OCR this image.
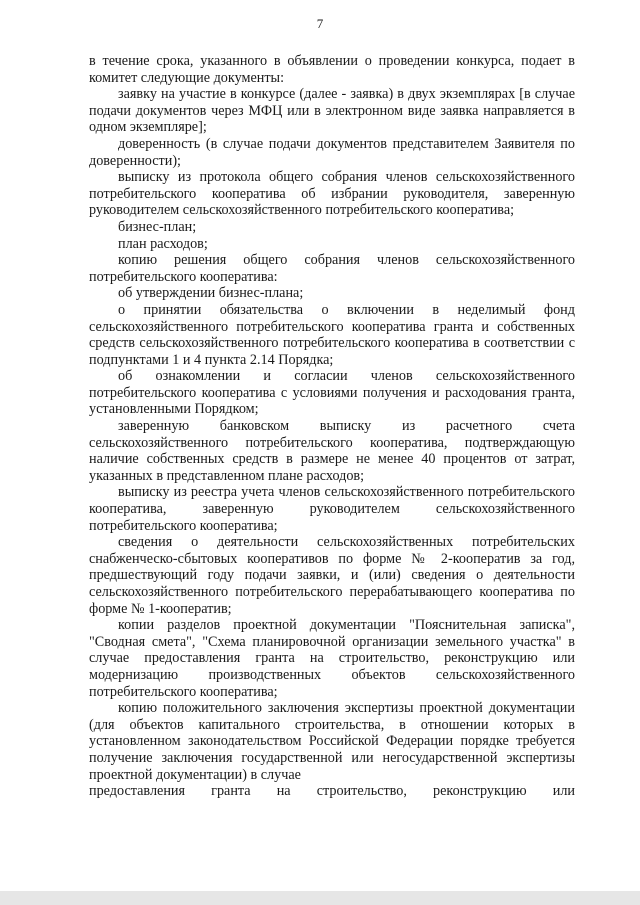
7

в течение срока, указанного в объявлении о проведении конкурса, подает в комитет следующие документы:

заявку на участие в конкурсе (далее - заявка) в двух экземплярах [в случае подачи документов через МФЦ или в электронном виде заявка направляется в одном экземпляре];

доверенность (в случае подачи документов представителем Заявителя по доверенности);

выписку из протокола общего собрания членов сельскохозяйственного потребительского кооператива об избрании руководителя, заверенную руководителем сельскохозяйственного потребительского кооператива;

бизнес-план;

план расходов;

копию решения общего собрания членов сельскохозяйственного потребительского кооператива:

об утверждении бизнес-плана;

о принятии обязательства о включении в неделимый фонд сельскохозяйственного потребительского кооператива гранта и собственных средств сельскохозяйственного потребительского кооператива в соответствии с подпунктами 1 и 4 пункта 2.14 Порядка;

об ознакомлении и согласии членов сельскохозяйственного потребительского кооператива с условиями получения и расходования гранта, установленными Порядком;

заверенную банковском выписку из расчетного счета сельскохозяйственного потребительского кооператива, подтверждающую наличие собственных средств в размере не менее 40 процентов от затрат, указанных в представленном плане расходов;

выписку из реестра учета членов сельскохозяйственного потребительского кооператива, заверенную руководителем сельскохозяйственного потребительского кооператива;

сведения о деятельности сельскохозяйственных потребительских снабженческо-сбытовых кооперативов по форме № 2-кооператив за год, предшествующий году подачи заявки, и (или) сведения о деятельности сельскохозяйственного потребительского перерабатывающего кооператива по форме № 1-кооператив;

копии разделов проектной документации "Пояснительная записка", "Сводная смета", "Схема планировочной организации земельного участка" в случае предоставления гранта на строительство, реконструкцию или модернизацию производственных объектов сельскохозяйственного потребительского кооператива;

копию положительного заключения экспертизы проектной документации (для объектов капитального строительства, в отношении которых в установленном законодательством Российской Федерации порядке требуется получение заключения государственной или негосударственной экспертизы проектной документации) в случае

предоставления гранта на строительство, реконструкцию или
